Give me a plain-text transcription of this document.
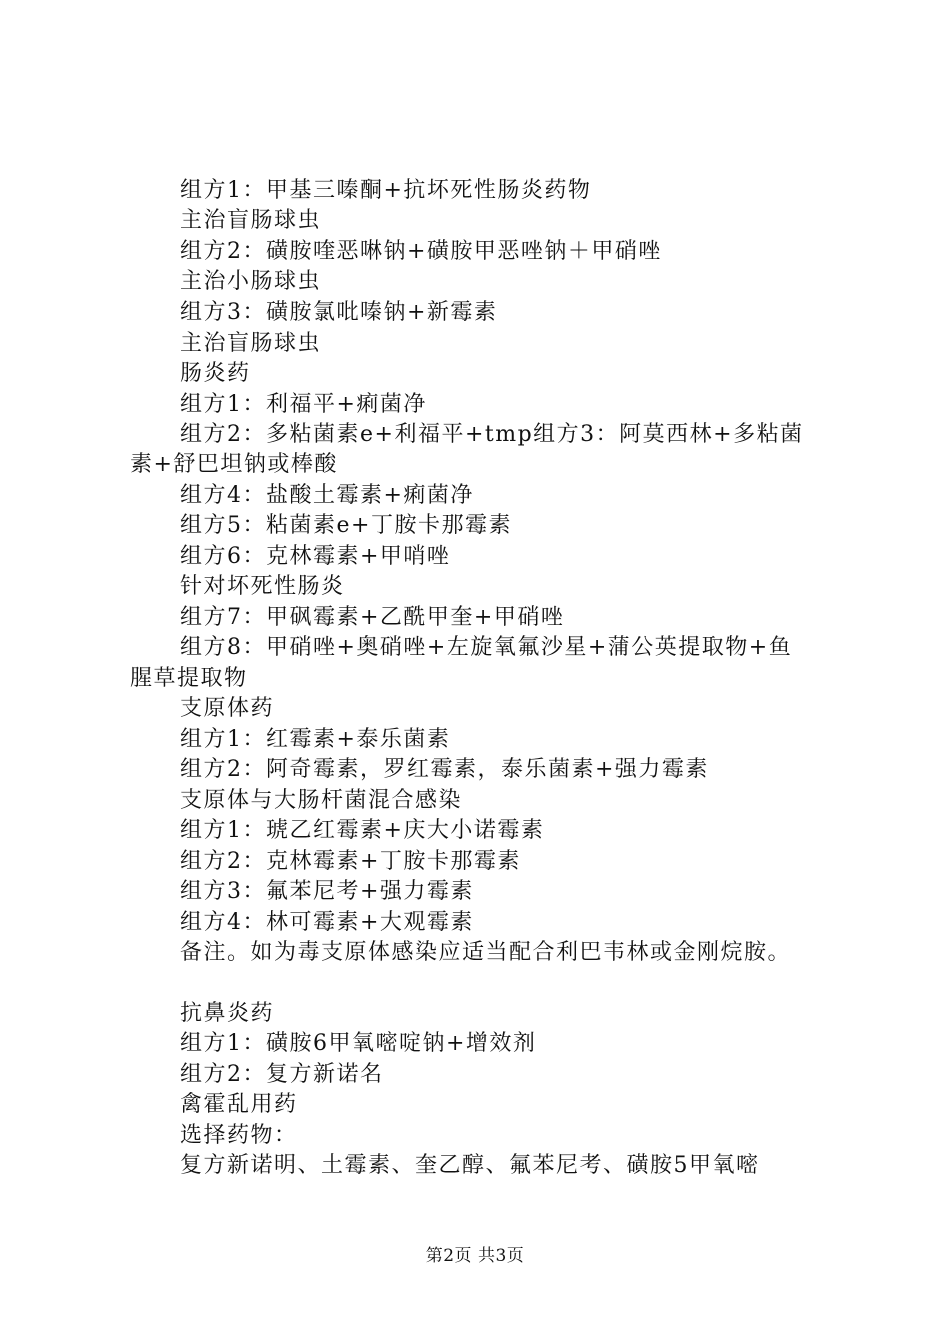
组方1：甲基三嗪酮+抗坏死性肠炎药物
主治盲肠球虫
组方2：磺胺喹恶啉钠+磺胺甲恶唑钠＋甲硝唑
主治小肠球虫
组方3：磺胺氯吡嗪钠+新霉素
主治盲肠球虫
肠炎药
组方1：利福平+痢菌净
组方2：多粘菌素e+利福平+tmp组方3：阿莫西林+多粘菌
素+舒巴坦钠或棒酸
组方4：盐酸土霉素+痢菌净
组方5：粘菌素e+丁胺卡那霉素
组方6：克林霉素+甲哨唑
针对坏死性肠炎
组方7：甲砜霉素+乙酰甲奎+甲硝唑
组方8：甲硝唑+奥硝唑+左旋氧氟沙星+蒲公英提取物+鱼
腥草提取物
支原体药
组方1：红霉素+泰乐菌素
组方2：阿奇霉素，罗红霉素，泰乐菌素+强力霉素
支原体与大肠杆菌混合感染
组方1：琥乙红霉素+庆大小诺霉素
组方2：克林霉素+丁胺卡那霉素
组方3：氟苯尼考+强力霉素
组方4：林可霉素+大观霉素
备注。如为毒支原体感染应适当配合利巴韦林或金刚烷胺。
抗鼻炎药
组方1：磺胺6甲氧嘧啶钠+增效剂
组方2：复方新诺名
禽霍乱用药
选择药物：
复方新诺明、土霉素、奎乙醇、氟苯尼考、磺胺5甲氧嘧
第2页 共3页
